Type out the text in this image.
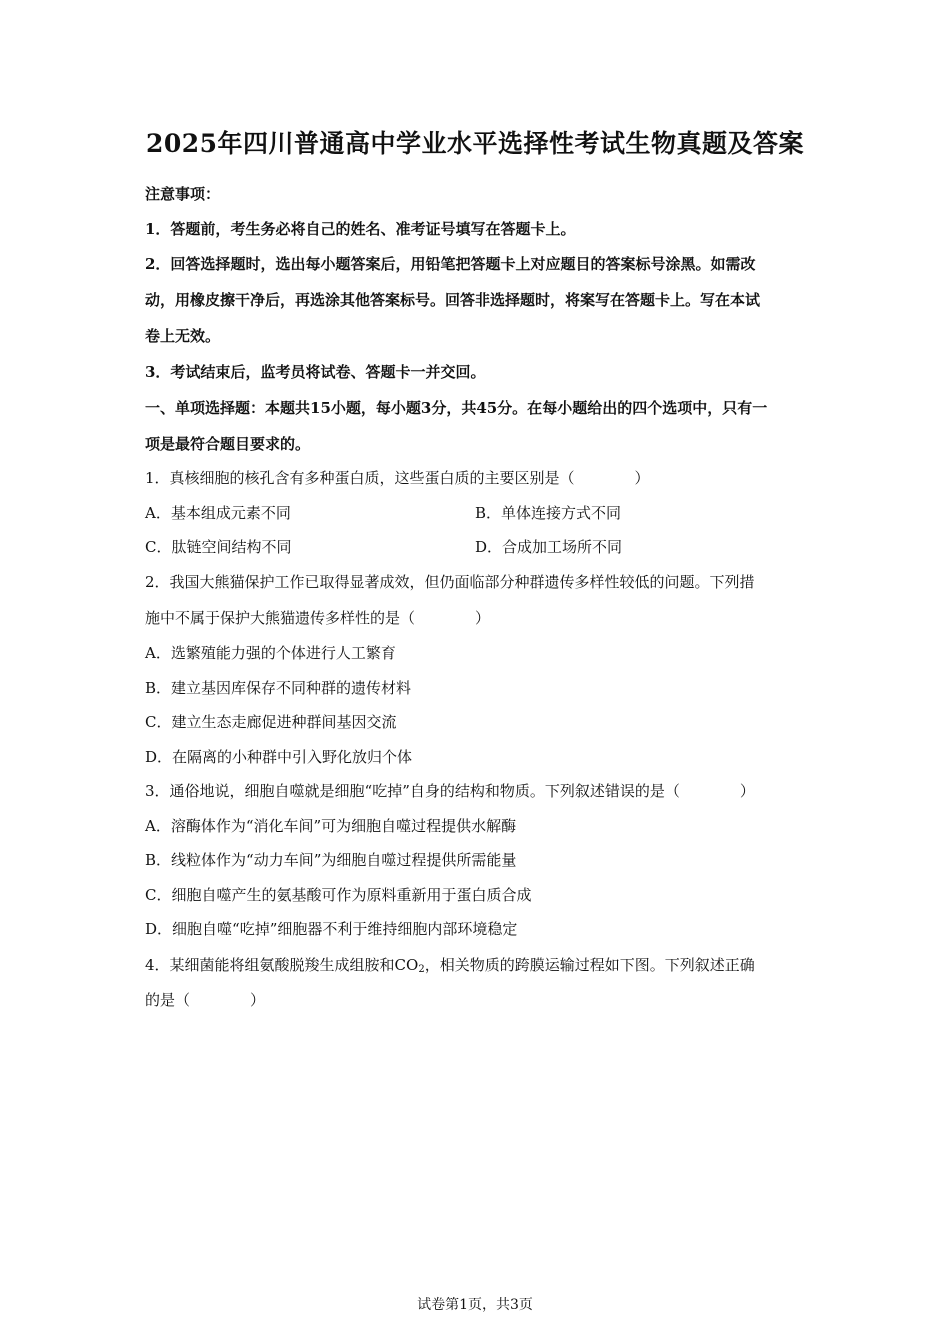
2025年四川普通高中学业水平选择性考试生物真题及答案
注意事项：
1．答题前，考生务必将自己的姓名、准考证号填写在答题卡上。
2．回答选择题时，选出每小题答案后，用铅笔把答题卡上对应题目的答案标号涂黑。如需改
动，用橡皮擦干净后，再选涂其他答案标号。回答非选择题时，将案写在答题卡上。写在本试
卷上无效。
3．考试结束后，监考员将试卷、答题卡一并交回。
一、单项选择题：本题共15小题，每小题3分，共45分。在每小题给出的四个选项中，只有一
项是最符合题目要求的。
1．真核细胞的核孔含有多种蛋白质，这些蛋白质的主要区别是（　　　　）
A．基本组成元素不同	B．单体连接方式不同
C．肽链空间结构不同	D．合成加工场所不同
2．我国大熊猫保护工作已取得显著成效，但仍面临部分种群遗传多样性较低的问题。下列措
施中不属于保护大熊猫遗传多样性的是（　　　　）
A．选繁殖能力强的个体进行人工繁育
B．建立基因库保存不同种群的遗传材料
C．建立生态走廊促进种群间基因交流
D．在隔离的小种群中引入野化放归个体
3．通俗地说，细胞自噬就是细胞“吃掉”自身的结构和物质。下列叙述错误的是（　　　　）
A．溶酶体作为“消化车间”可为细胞自噬过程提供水解酶
B．线粒体作为“动力车间”为细胞自噬过程提供所需能量
C．细胞自噬产生的氨基酸可作为原料重新用于蛋白质合成
D．细胞自噬“吃掉”细胞器不利于维持细胞内部环境稳定
4．某细菌能将组氨酸脱羧生成组胺和$CO_2$，相关物质的跨膜运输过程如下图。下列叙述正确
的是（　　　　）
试卷第1页，共3页
